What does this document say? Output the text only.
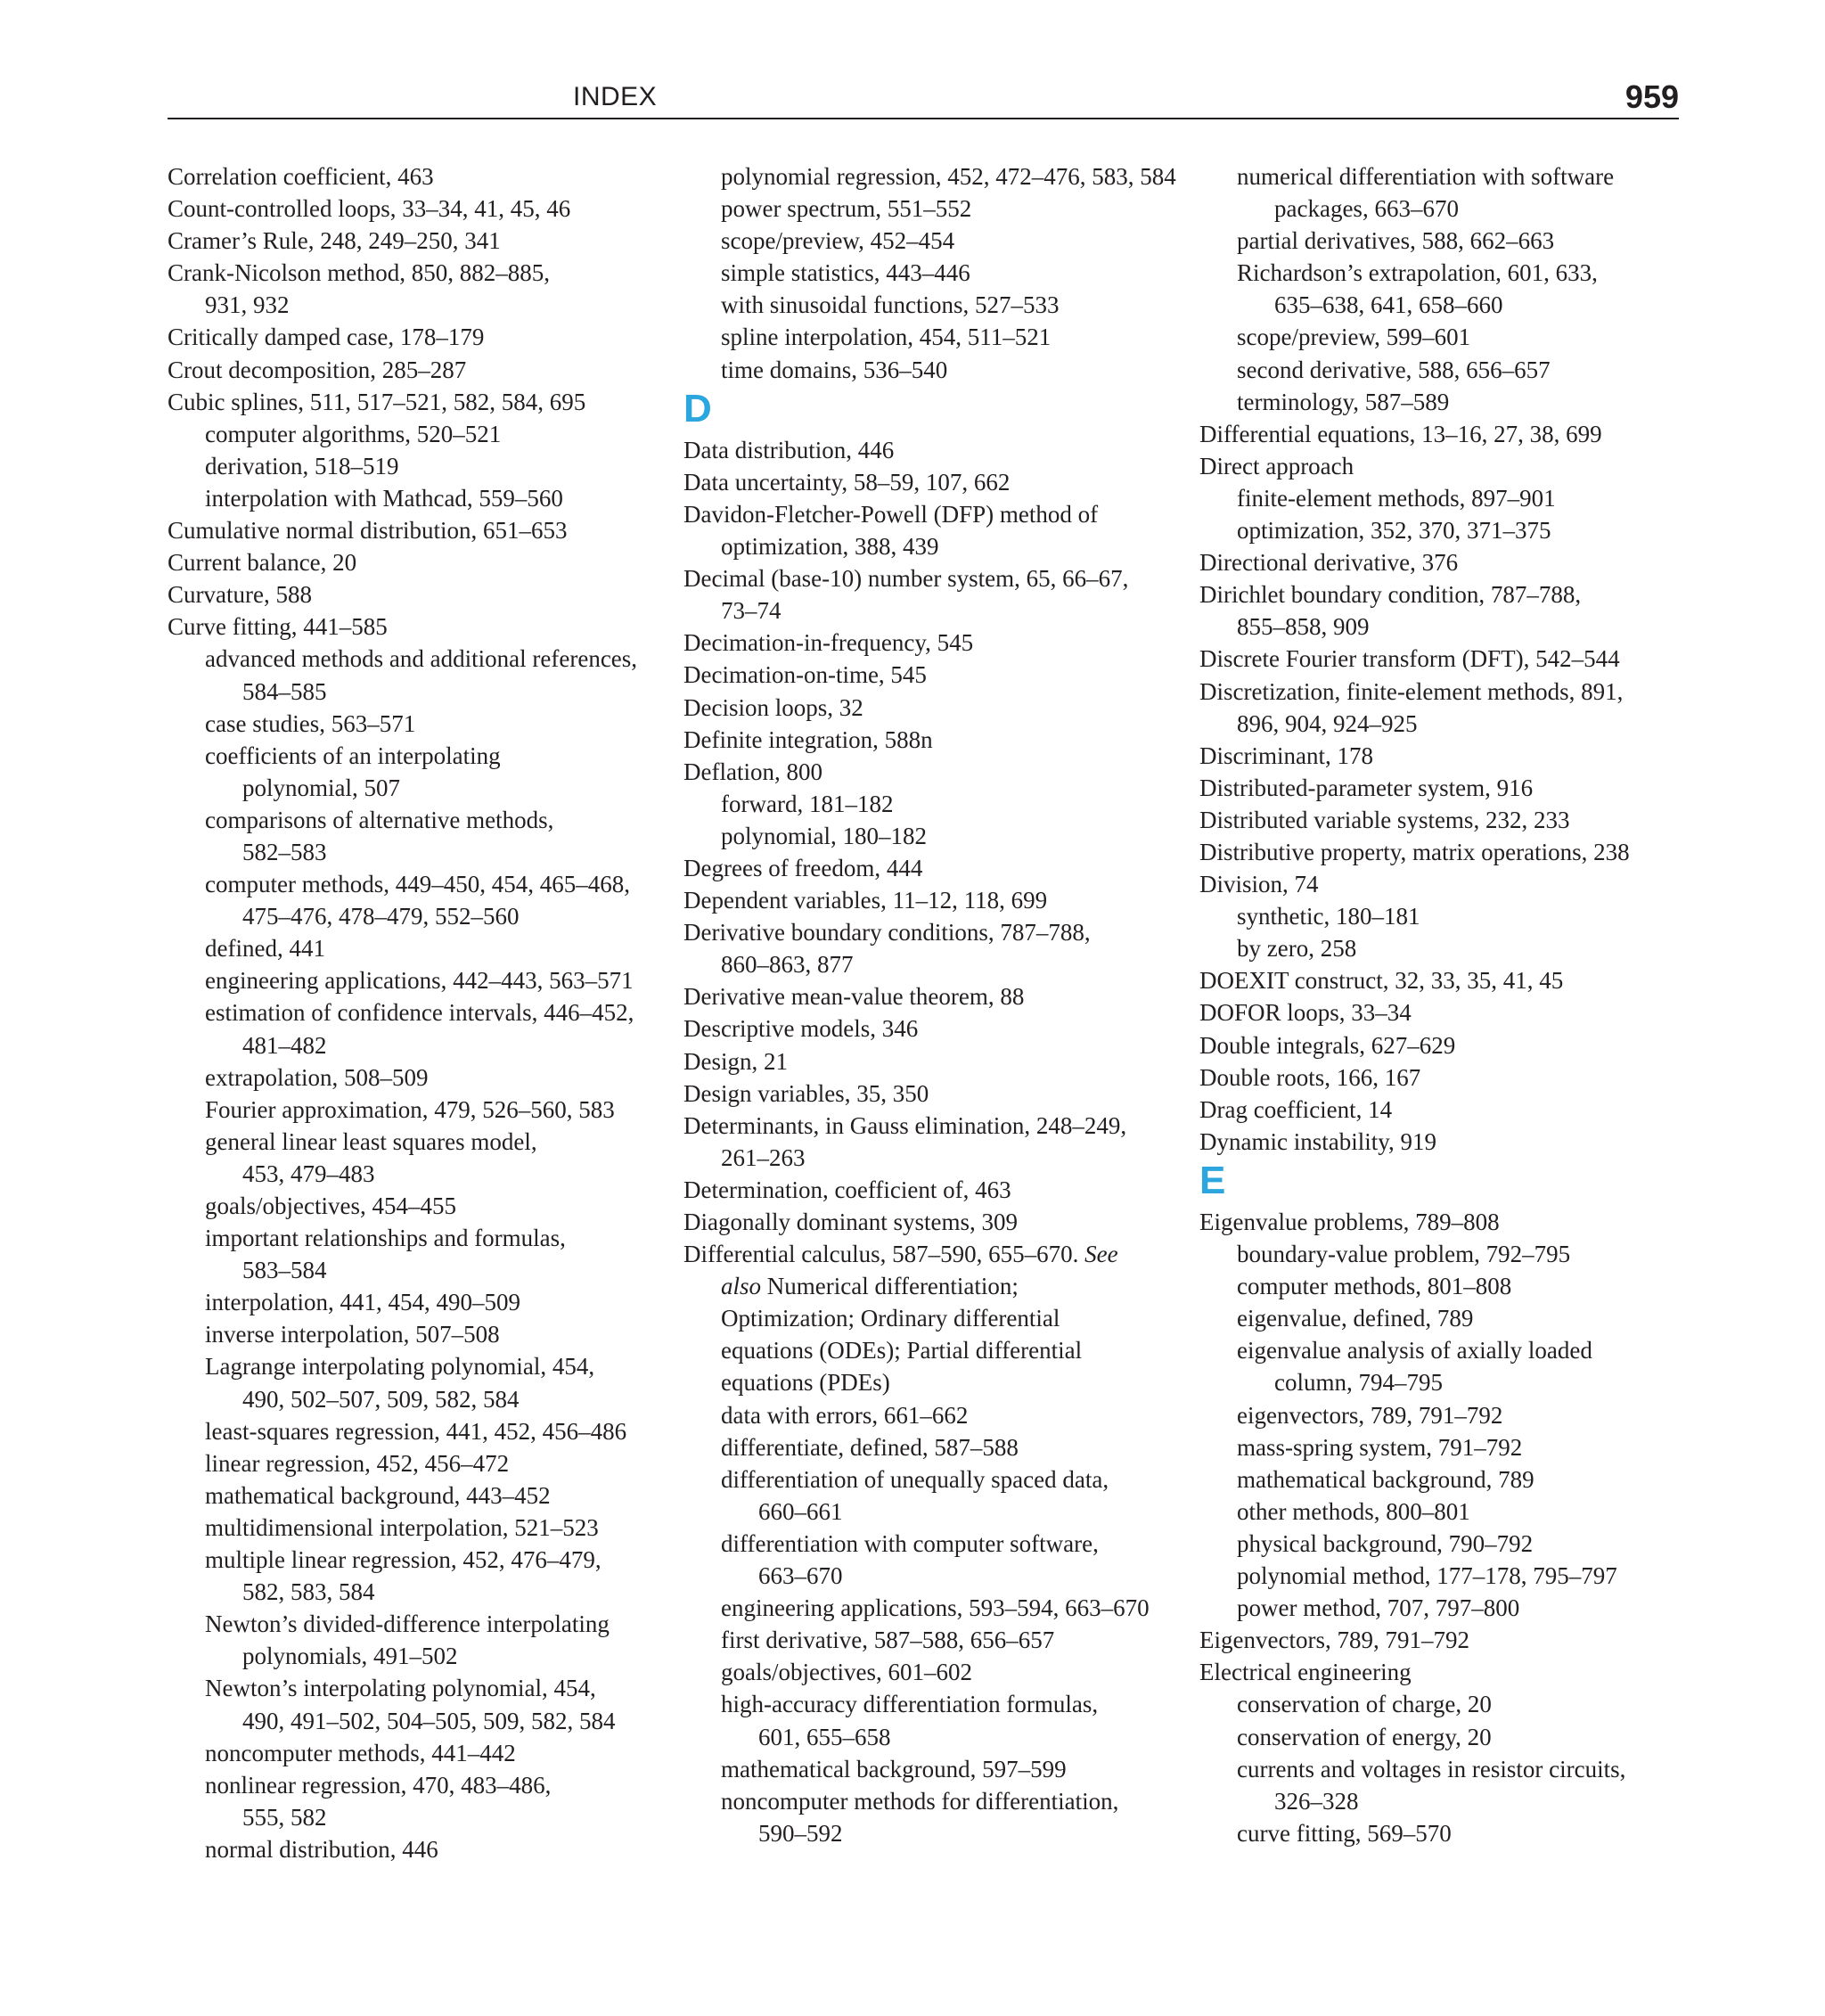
INDEX	959
Correlation coefficient, 463
Count-controlled loops, 33–34, 41, 45, 46
Cramer’s Rule, 248, 249–250, 341
Crank-Nicolson method, 850, 882–885,
931, 932
Critically damped case, 178–179
Crout decomposition, 285–287
Cubic splines, 511, 517–521, 582, 584, 695
computer algorithms, 520–521
derivation, 518–519
interpolation with Mathcad, 559–560
Cumulative normal distribution, 651–653
Current balance, 20
Curvature, 588
Curve fitting, 441–585
advanced methods and additional references,
584–585
case studies, 563–571
coefficients of an interpolating
polynomial, 507
comparisons of alternative methods,
582–583
computer methods, 449–450, 454, 465–468,
475–476, 478–479, 552–560
defined, 441
engineering applications, 442–443, 563–571
estimation of confidence intervals, 446–452,
481–482
extrapolation, 508–509
Fourier approximation, 479, 526–560, 583
general linear least squares model,
453, 479–483
goals/objectives, 454–455
important relationships and formulas,
583–584
interpolation, 441, 454, 490–509
inverse interpolation, 507–508
Lagrange interpolating polynomial, 454,
490, 502–507, 509, 582, 584
least-squares regression, 441, 452, 456–486
linear regression, 452, 456–472
mathematical background, 443–452
multidimensional interpolation, 521–523
multiple linear regression, 452, 476–479,
582, 583, 584
Newton’s divided-difference interpolating
polynomials, 491–502
Newton’s interpolating polynomial, 454,
490, 491–502, 504–505, 509, 582, 584
noncomputer methods, 441–442
nonlinear regression, 470, 483–486,
555, 582
normal distribution, 446
polynomial regression, 452, 472–476, 583, 584
power spectrum, 551–552
scope/preview, 452–454
simple statistics, 443–446
with sinusoidal functions, 527–533
spline interpolation, 454, 511–521
time domains, 536–540
D
Data distribution, 446
Data uncertainty, 58–59, 107, 662
Davidon-Fletcher-Powell (DFP) method of
optimization, 388, 439
Decimal (base-10) number system, 65, 66–67,
73–74
Decimation-in-frequency, 545
Decimation-on-time, 545
Decision loops, 32
Definite integration, 588n
Deflation, 800
forward, 181–182
polynomial, 180–182
Degrees of freedom, 444
Dependent variables, 11–12, 118, 699
Derivative boundary conditions, 787–788,
860–863, 877
Derivative mean-value theorem, 88
Descriptive models, 346
Design, 21
Design variables, 35, 350
Determinants, in Gauss elimination, 248–249,
261–263
Determination, coefficient of, 463
Diagonally dominant systems, 309
Differential calculus, 587–590, 655–670. See
also Numerical differentiation;
Optimization; Ordinary differential
equations (ODEs); Partial differential
equations (PDEs)
data with errors, 661–662
differentiate, defined, 587–588
differentiation of unequally spaced data,
660–661
differentiation with computer software,
663–670
engineering applications, 593–594, 663–670
first derivative, 587–588, 656–657
goals/objectives, 601–602
high-accuracy differentiation formulas,
601, 655–658
mathematical background, 597–599
noncomputer methods for differentiation,
590–592
numerical differentiation with software
packages, 663–670
partial derivatives, 588, 662–663
Richardson’s extrapolation, 601, 633,
635–638, 641, 658–660
scope/preview, 599–601
second derivative, 588, 656–657
terminology, 587–589
Differential equations, 13–16, 27, 38, 699
Direct approach
finite-element methods, 897–901
optimization, 352, 370, 371–375
Directional derivative, 376
Dirichlet boundary condition, 787–788,
855–858, 909
Discrete Fourier transform (DFT), 542–544
Discretization, finite-element methods, 891,
896, 904, 924–925
Discriminant, 178
Distributed-parameter system, 916
Distributed variable systems, 232, 233
Distributive property, matrix operations, 238
Division, 74
synthetic, 180–181
by zero, 258
DOEXIT construct, 32, 33, 35, 41, 45
DOFOR loops, 33–34
Double integrals, 627–629
Double roots, 166, 167
Drag coefficient, 14
Dynamic instability, 919
E
Eigenvalue problems, 789–808
boundary-value problem, 792–795
computer methods, 801–808
eigenvalue, defined, 789
eigenvalue analysis of axially loaded
column, 794–795
eigenvectors, 789, 791–792
mass-spring system, 791–792
mathematical background, 789
other methods, 800–801
physical background, 790–792
polynomial method, 177–178, 795–797
power method, 707, 797–800
Eigenvectors, 789, 791–792
Electrical engineering
conservation of charge, 20
conservation of energy, 20
currents and voltages in resistor circuits,
326–328
curve fitting, 569–570
